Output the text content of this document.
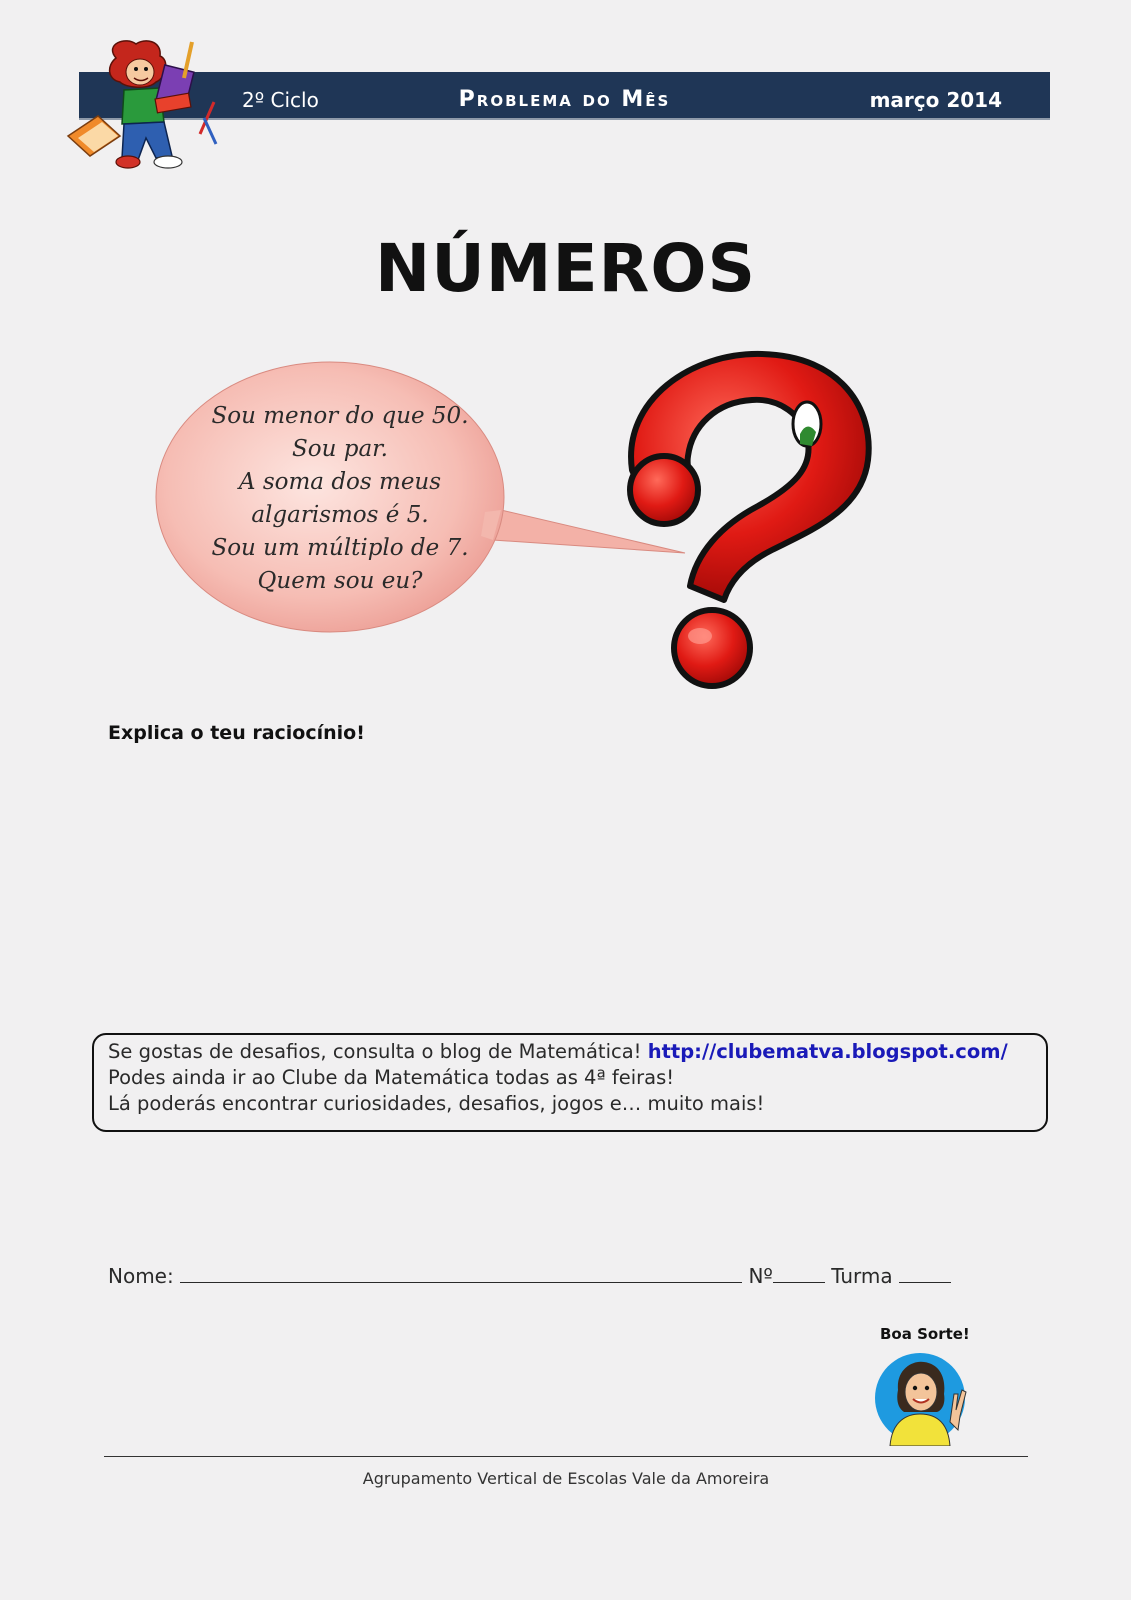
2º Ciclo	Problema do Mês	março 2014
NÚMEROS
Sou menor do que 50.
Sou par.
A soma dos meus
algarismos é 5.
Sou um múltiplo de 7.
Quem sou eu?
Explica o teu raciocínio!
Se gostas de desafios, consulta o blog de Matemática! http://clubematva.blogspot.com/
Podes ainda ir ao Clube da Matemática todas as 4ª feiras!
Lá poderás encontrar curiosidades, desafios, jogos e… muito mais!
Nome:	Nº	Turma
Boa Sorte!
Agrupamento Vertical de Escolas Vale da Amoreira
